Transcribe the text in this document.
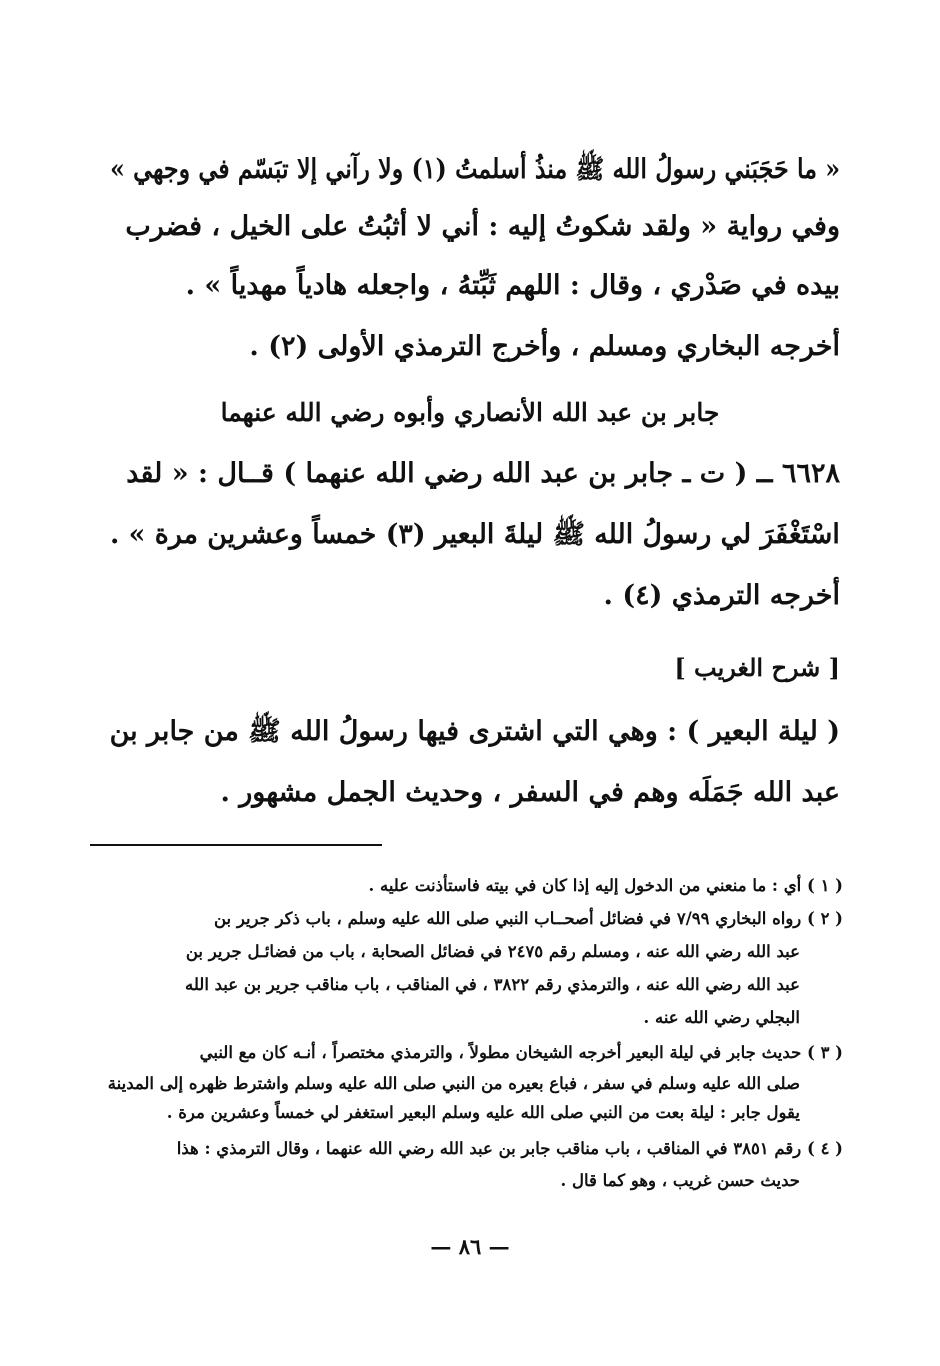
« ما حَجَبَني رسولُ الله ﷺ منذُ أسلمتُ (١) ولا رآني إلا تبَسّم في وجهي »
وفي رواية « ولقد شكوتُ إليه : أني لا أثبُتُ على الخيل ، فضرب
بيده في صَدْري ، وقال : اللهم ثَبِّتهُ ، واجعله هادياً مهدياً » .
أخرجه البخاري ومسلم ، وأخرج الترمذي الأولى (٢) .
جابر بن عبد الله الأنصاري وأبوه رضي الله عنهما
٦٦٢٨ ــ ( ت ـ جابر بن عبد الله رضي الله عنهما ) قــال : « لقد
اسْتَغْفَرَ لي رسولُ الله ﷺ ليلةَ البعير (٣) خمساً وعشرين مرة » .
أخرجه الترمذي (٤) .
[ شرح الغريب ]
( ليلة البعير ) : وهي التي اشترى فيها رسولُ الله ﷺ من جابر بن
عبد الله جَمَلَه وهم في السفر ، وحديث الجمل مشهور .
( ١ ) أي : ما منعني من الدخول إليه إذا كان في بيته فاستأذنت عليه .
( ٢ ) رواه البخاري ٧/٩٩ في فضائل أصحــاب النبي صلى الله عليه وسلم ، باب ذكر جرير بن
عبد الله رضي الله عنه ، ومسلم رقم ٢٤٧٥ في فضائل الصحابة ، باب من فضائـل جرير بن
عبد الله رضي الله عنه ، والترمذي رقم ٣٨٢٢ ، في المناقب ، باب مناقب جرير بن عبد الله
البجلي رضي الله عنه .
( ٣ ) حديث جابر في ليلة البعير أخرجه الشيخان مطولاً ، والترمذي مختصراً ، أنـه كان مع النبي
صلى الله عليه وسلم في سفر ، فباع بعيره من النبي صلى الله عليه وسلم واشترط ظهره إلى المدينة
يقول جابر : ليلة بعت من النبي صلى الله عليه وسلم البعير استغفر لي خمساً وعشرين مرة .
( ٤ ) رقم ٣٨٥١ في المناقب ، باب مناقب جابر بن عبد الله رضي الله عنهما ، وقال الترمذي : هذا
حديث حسن غريب ، وهو كما قال .
— ٨٦ —
